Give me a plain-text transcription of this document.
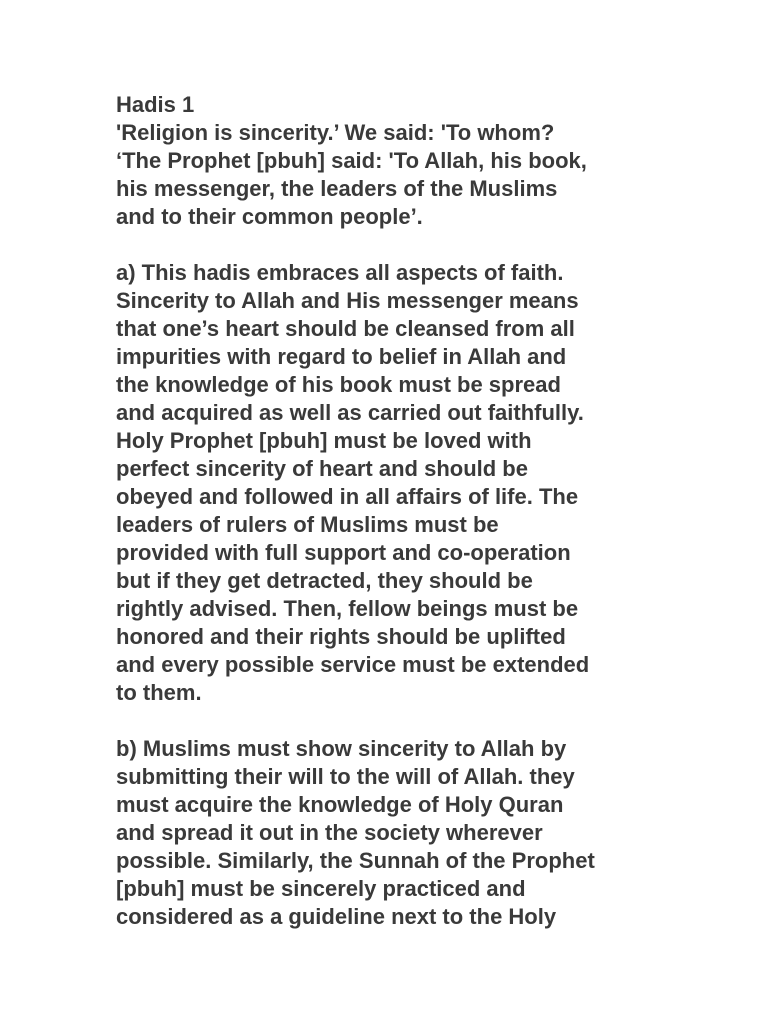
Hadis 1

'Religion is sincerity.’ We said: 'To whom?
‘The Prophet [pbuh] said: 'To Allah, his book,
his messenger, the leaders of the Muslims
and to their common people’.
a) This hadis embraces all aspects of faith.
Sincerity to Allah and His messenger means
that one’s heart should be cleansed from all
impurities with regard to belief in Allah and
the knowledge of his book must be spread
and acquired as well as carried out faithfully.
Holy Prophet [pbuh] must be loved with
perfect sincerity of heart and should be
obeyed and followed in all affairs of life. The
leaders of rulers of Muslims must be
provided with full support and co-operation
but if they get detracted, they should be
rightly advised. Then, fellow beings must be
honored and their rights should be uplifted
and every possible service must be extended
to them.
b) Muslims must show sincerity to Allah by
submitting their will to the will of Allah. they
must acquire the knowledge of Holy Quran
and spread it out in the society wherever
possible. Similarly, the Sunnah of the Prophet
[pbuh] must be sincerely practiced and
considered as a guideline next to the Holy
